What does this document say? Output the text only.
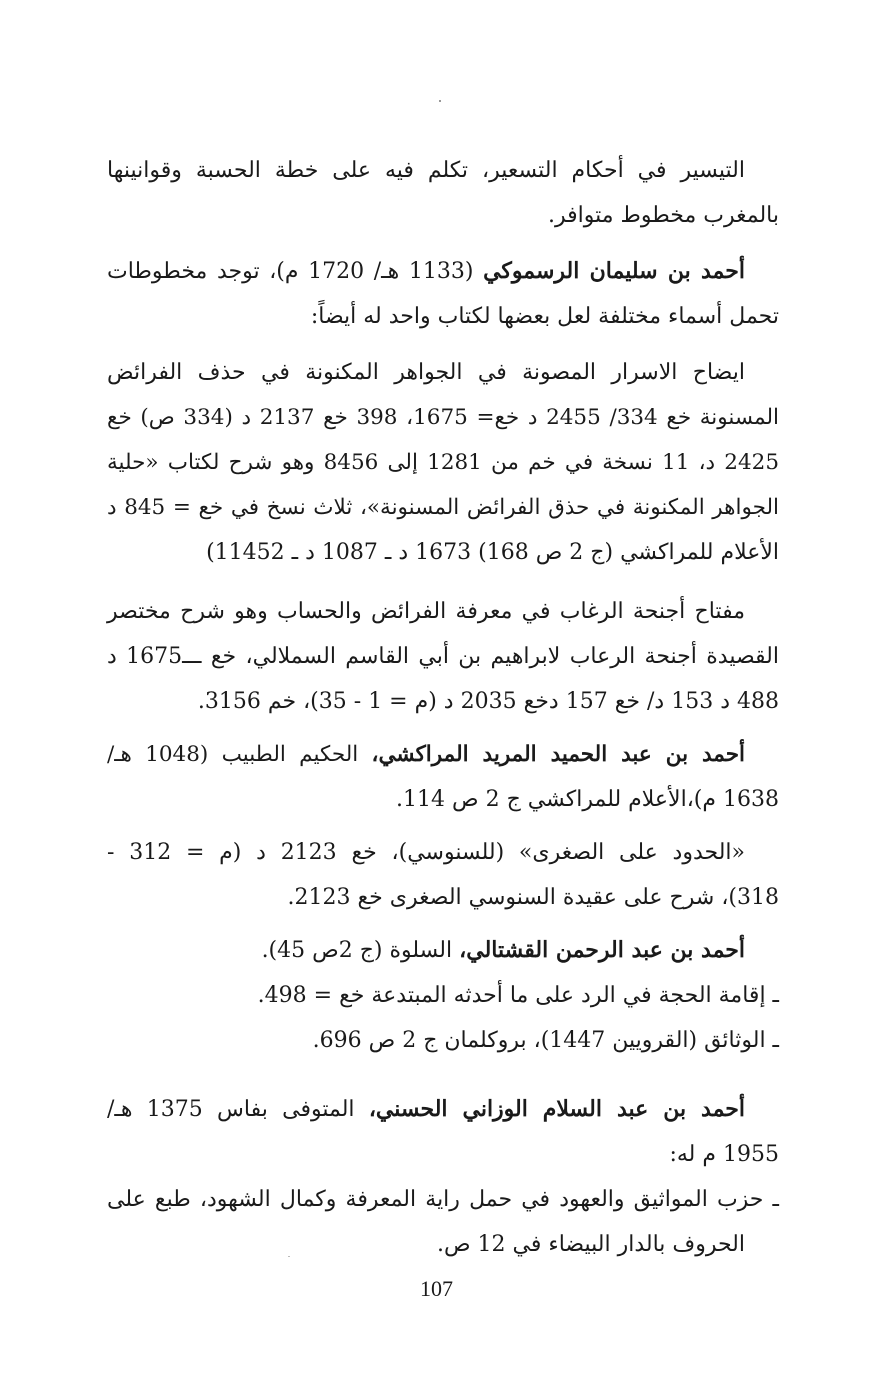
التيسير في أحكام التسعير، تكلم فيه على خطة الحسبة وقوانينها
بالمغرب مخطوط متوافر.
أحمد بن سليمان الرسموكي (1133 هـ/ 1720 م)، توجد مخطوطات
تحمل أسماء مختلفة لعل بعضها لكتاب واحد له أيضاً:
ايضاح الاسرار المصونة في الجواهر المكنونة في حذف الفرائض
المسنونة خع 334/ 2455 د خع= 1675، 398 خع 2137 د (334 ص) خع
2425 د، 11 نسخة في خم من 1281 إلى 8456 وهو شرح لكتاب «حلية
الجواهر المكنونة في حذق الفرائض المسنونة»، ثلاث نسخ في خع = 845 د
الأعلام للمراكشي (ج 2 ص 168) 1673 د ـ 1087 د ـ 11452)
مفتاح أجنحة الرغاب في معرفة الفرائض والحساب وهو شرح مختصر
القصيدة أجنحة الرعاب لابراهيم بن أبي القاسم السملالي، خع ـــ1675 د
488 د 153 د/ خع 157 دخع 2035 د (م = 1 - 35)، خم 3156.
أحمد بن عبد الحميد المريد المراكشي، الحكيم الطبيب (1048 هـ/
1638 م)،الأعلام للمراكشي ج 2 ص 114.
«الحدود على الصغرى» (للسنوسي)، خع 2123 د (م = 312 -
318)، شرح على عقيدة السنوسي الصغرى خع 2123.
أحمد بن عبد الرحمن القشتالي، السلوة (ج 2ص 45).
ـ إقامة الحجة في الرد على ما أحدثه المبتدعة خع = 498.
ـ الوثائق (القرويين 1447)، بروكلمان ج 2 ص 696.
أحمد بن عبد السلام الوزاني الحسني، المتوفى بفاس 1375 هـ/
1955 م له:
ـ حزب المواثيق والعهود في حمل راية المعرفة وكمال الشهود، طبع على
الحروف بالدار البيضاء في 12 ص.
107
